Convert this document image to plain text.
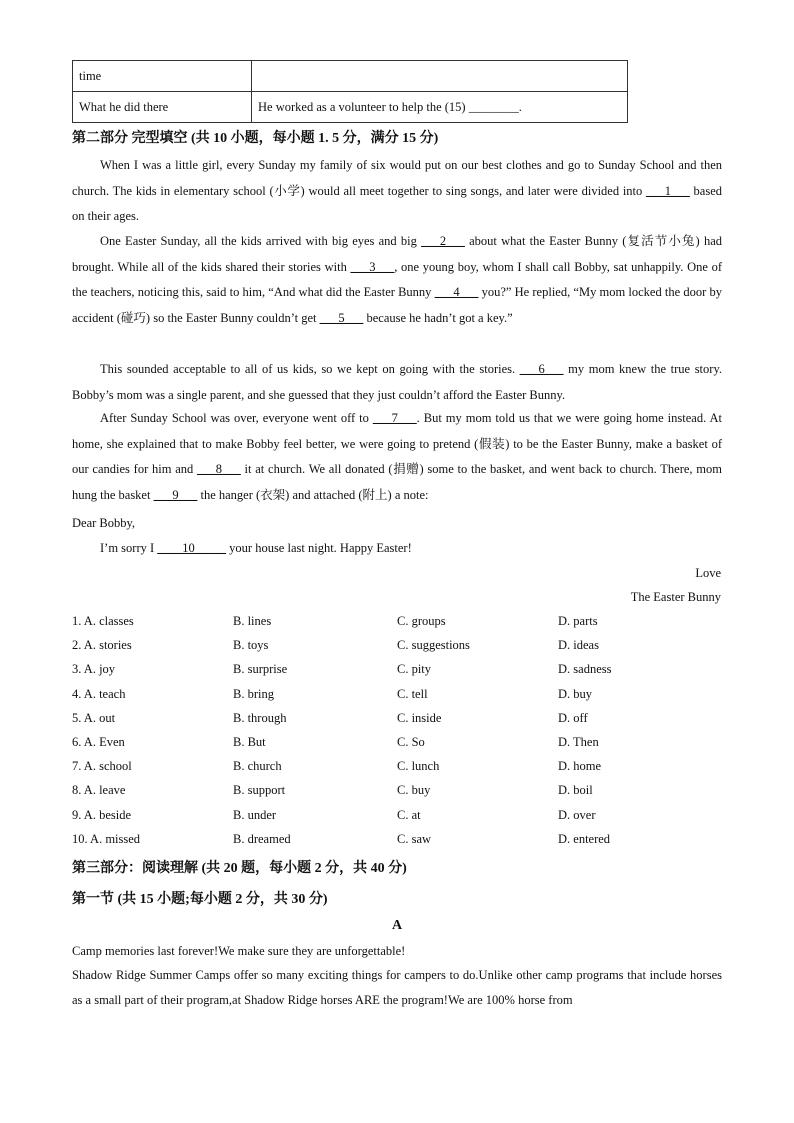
time	
What he did there	He worked as a volunteer to help the (15) ________.
第二部分 完型填空 (共 10 小题，每小题 1. 5 分，满分 15 分)
When I was a little girl, every Sunday my family of six would put on our best clothes and go to Sunday School and then church. The kids in elementary school (小学) would all meet together to sing songs, and later were divided into ___1___ based on their ages.
One Easter Sunday, all the kids arrived with big eyes and big ___2___ about what the Easter Bunny (复活节小兔) had brought. While all of the kids shared their stories with ___3___, one young boy, whom I shall call Bobby, sat unhappily. One of the teachers, noticing this, said to him, “And what did the Easter Bunny ___4___ you?” He replied, “My mom locked the door by accident (碰巧) so the Easter Bunny couldn’t get ___5___ because he hadn’t got a key.”
This sounded acceptable to all of us kids, so we kept on going with the stories. ___6___ my mom knew the true story. Bobby’s mom was a single parent, and she guessed that they just couldn’t afford the Easter Bunny.
After Sunday School was over, everyone went off to ___7___. But my mom told us that we were going home instead. At home, she explained that to make Bobby feel better, we were going to pretend (假装) to be the Easter Bunny, make a basket of our candies for him and ___8___ it at church. We all donated (捐赠) some to the basket, and went back to church. There, mom hung the basket ___9___ the hanger (衣架) and attached (附上) a note:
Dear Bobby,
I’m sorry I ____10_____ your house last night. Happy Easter!
Love
The Easter Bunny
1. A. classes	B. lines	C. groups	D. parts
2. A. stories	B. toys	C. suggestions	D. ideas
3. A. joy	B. surprise	C. pity	D. sadness
4. A. teach	B. bring	C. tell	D. buy
5. A. out	B. through	C. inside	D. off
6. A. Even	B. But	C. So	D. Then
7. A. school	B. church	C. lunch	D. home
8. A. leave	B. support	C. buy	D. boil
9. A. beside	B. under	C. at	D. over
10. A. missed	B. dreamed	C. saw	D. entered
第三部分：阅读理解 (共 20 题，每小题 2 分，共 40 分)
第一节 (共 15 小题;每小题 2 分，共 30 分)
A
Camp memories last forever!We make sure they are unforgettable!
Shadow Ridge Summer Camps offer so many exciting things for campers to do.Unlike other camp programs that include horses as a small part of their program,at Shadow Ridge horses ARE the program!We are 100% horse from
